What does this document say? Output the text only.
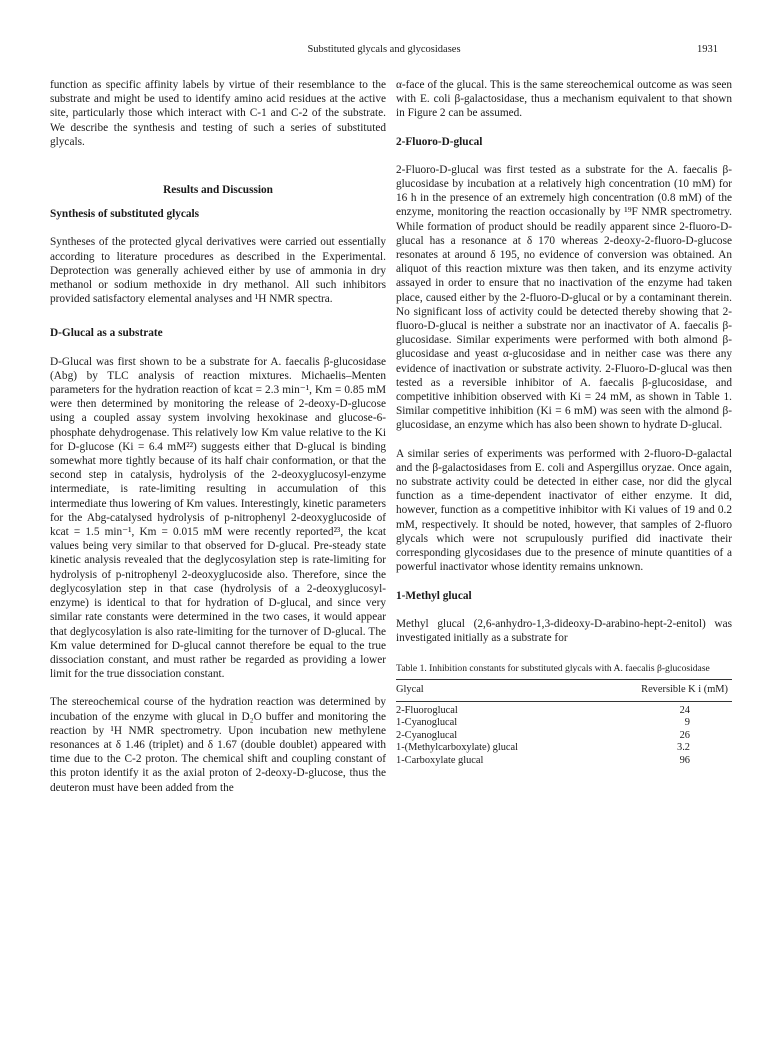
Substituted glycals and glycosidases	1931

function as specific affinity labels by virtue of their resemblance to the substrate and might be used to identify amino acid residues at the active site, particularly those which interact with C-1 and C-2 of the substrate. We describe the synthesis and testing of such a series of substituted glycals.

Results and Discussion
Synthesis of substituted glycals

Syntheses of the protected glycal derivatives were carried out essentially according to literature procedures as described in the Experimental. Deprotection was generally achieved either by use of ammonia in dry methanol or sodium methoxide in dry methanol. All such inhibitors provided satisfactory elemental analyses and ¹H NMR spectra.

D-Glucal as a substrate

D-Glucal was first shown to be a substrate for A. faecalis β-glucosidase (Abg) by TLC analysis of reaction mixtures. Michaelis–Menten parameters for the hydration reaction of kcat = 2.3 min⁻¹, Km = 0.85 mM were then determined by monitoring the release of 2-deoxy-D-glucose using a coupled assay system involving hexokinase and glucose-6-phosphate dehydrogenase. This relatively low Km value relative to the Ki for D-glucose (Ki = 6.4 mM²²) suggests either that D-glucal is binding somewhat more tightly because of its half chair conformation, or that the second step in catalysis, hydrolysis of the 2-deoxyglucosyl-enzyme intermediate, is rate-limiting resulting in accumulation of this intermediate thus lowering of Km values. Interestingly, kinetic parameters for the Abg-catalysed hydrolysis of p-nitrophenyl 2-deoxyglucoside of kcat = 1.5 min⁻¹, Km = 0.015 mM were recently reported²³, the kcat values being very similar to that observed for D-glucal. Pre-steady state kinetic analysis revealed that the deglycosylation step is rate-limiting for hydrolysis of p-nitrophenyl 2-deoxyglucoside also. Therefore, since the deglycosylation step in that case (hydrolysis of a 2-deoxyglucosyl-enzyme) is identical to that for hydration of D-glucal, and since very similar rate constants were determined in the two cases, it would appear that deglycosylation is also rate-limiting for the turnover of D-glucal. The Km value determined for D-glucal cannot therefore be equal to the true dissociation constant, and must rather be regarded as providing a lower limit for the true dissociation constant.

The stereochemical course of the hydration reaction was determined by incubation of the enzyme with glucal in D₂O buffer and monitoring the reaction by ¹H NMR spectrometry. Upon incubation new methylene resonances at δ 1.46 (triplet) and δ 1.67 (double doublet) appeared with time due to the C-2 proton. The chemical shift and coupling constant of this proton identify it as the axial proton of 2-deoxy-D-glucose, thus the deuteron must have been added from the

α-face of the glucal. This is the same stereochemical outcome as was seen with E. coli β-galactosidase, thus a mechanism equivalent to that shown in Figure 2 can be assumed.

2-Fluoro-D-glucal

2-Fluoro-D-glucal was first tested as a substrate for the A. faecalis β-glucosidase by incubation at a relatively high concentration (10 mM) for 16 h in the presence of an extremely high concentration (0.8 mM) of the enzyme, monitoring the reaction occasionally by ¹⁹F NMR spectrometry. While formation of product should be readily apparent since 2-fluoro-D-glucal has a resonance at δ 170 whereas 2-deoxy-2-fluoro-D-glucose resonates at around δ 195, no evidence of conversion was obtained. An aliquot of this reaction mixture was then taken, and its enzyme activity assayed in order to ensure that no inactivation of the enzyme had taken place, caused either by the 2-fluoro-D-glucal or by a contaminant therein. No significant loss of activity could be detected thereby showing that 2-fluoro-D-glucal is neither a substrate nor an inactivator of A. faecalis β-glucosidase. Similar experiments were performed with both almond β-glucosidase and yeast α-glucosidase and in neither case was there any evidence of inactivation or substrate activity. 2-Fluoro-D-glucal was then tested as a reversible inhibitor of A. faecalis β-glucosidase, and competitive inhibition observed with Ki = 24 mM, as shown in Table 1. Similar competitive inhibition (Ki = 6 mM) was seen with the almond β-glucosidase, an enzyme which has also been shown to hydrate D-glucal.

A similar series of experiments was performed with 2-fluoro-D-galactal and the β-galactosidases from E. coli and Aspergillus oryzae. Once again, no substrate activity could be detected in either case, nor did the glycal function as a time-dependent inactivator of either enzyme. It did, however, function as a competitive inhibitor with Ki values of 19 and 0.2 mM, respectively. It should be noted, however, that samples of 2-fluoro glycals which were not scrupulously purified did inactivate their corresponding glycosidases due to the presence of minute quantities of a powerful inactivator whose identity remains unknown.

1-Methyl glucal

Methyl glucal (2,6-anhydro-1,3-dideoxy-D-arabino-hept-2-enitol) was investigated initially as a substrate for

Table 1. Inhibition constants for substituted glycals with A. faecalis β-glucosidase
Glycal	Reversible K i (mM)
2-Fluoroglucal	24
1-Cyanoglucal	9
2-Cyanoglucal	26
1-(Methylcarboxylate) glucal	3.2
1-Carboxylate glucal	96
